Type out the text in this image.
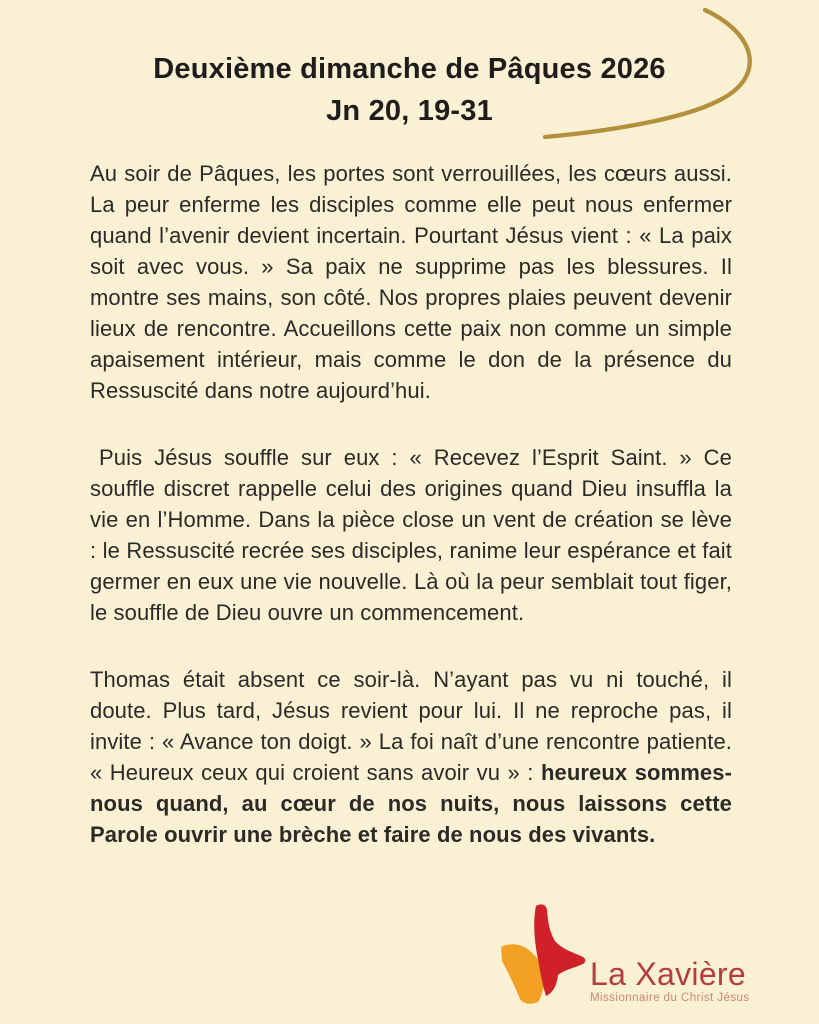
Deuxième dimanche de Pâques 2026
Jn 20, 19-31

Au soir de Pâques, les portes sont verrouillées, les cœurs aussi. La peur enferme les disciples comme elle peut nous enfermer quand l’avenir devient incertain. Pourtant Jésus vient : « La paix soit avec vous. » Sa paix ne supprime pas les blessures. Il montre ses mains, son côté. Nos propres plaies peuvent devenir lieux de rencontre. Accueillons cette paix non comme un simple apaisement intérieur, mais comme le don de la présence du Ressuscité dans notre aujourd’hui.

Puis Jésus souffle sur eux : « Recevez l’Esprit Saint. » Ce souffle discret rappelle celui des origines quand Dieu insuffla la vie en l’Homme. Dans la pièce close un vent de création se lève : le Ressuscité recrée ses disciples, ranime leur espérance et fait germer en eux une vie nouvelle. Là où la peur semblait tout figer, le souffle de Dieu ouvre un commencement.

Thomas était absent ce soir-là. N’ayant pas vu ni touché, il doute. Plus tard, Jésus revient pour lui. Il ne reproche pas, il invite : « Avance ton doigt. » La foi naît d’une rencontre patiente. « Heureux ceux qui croient sans avoir vu » : heureux sommes-nous quand, au cœur de nos nuits, nous laissons cette Parole ouvrir une brèche et faire de nous des vivants.

La Xavière
Missionnaire du Christ Jésus
